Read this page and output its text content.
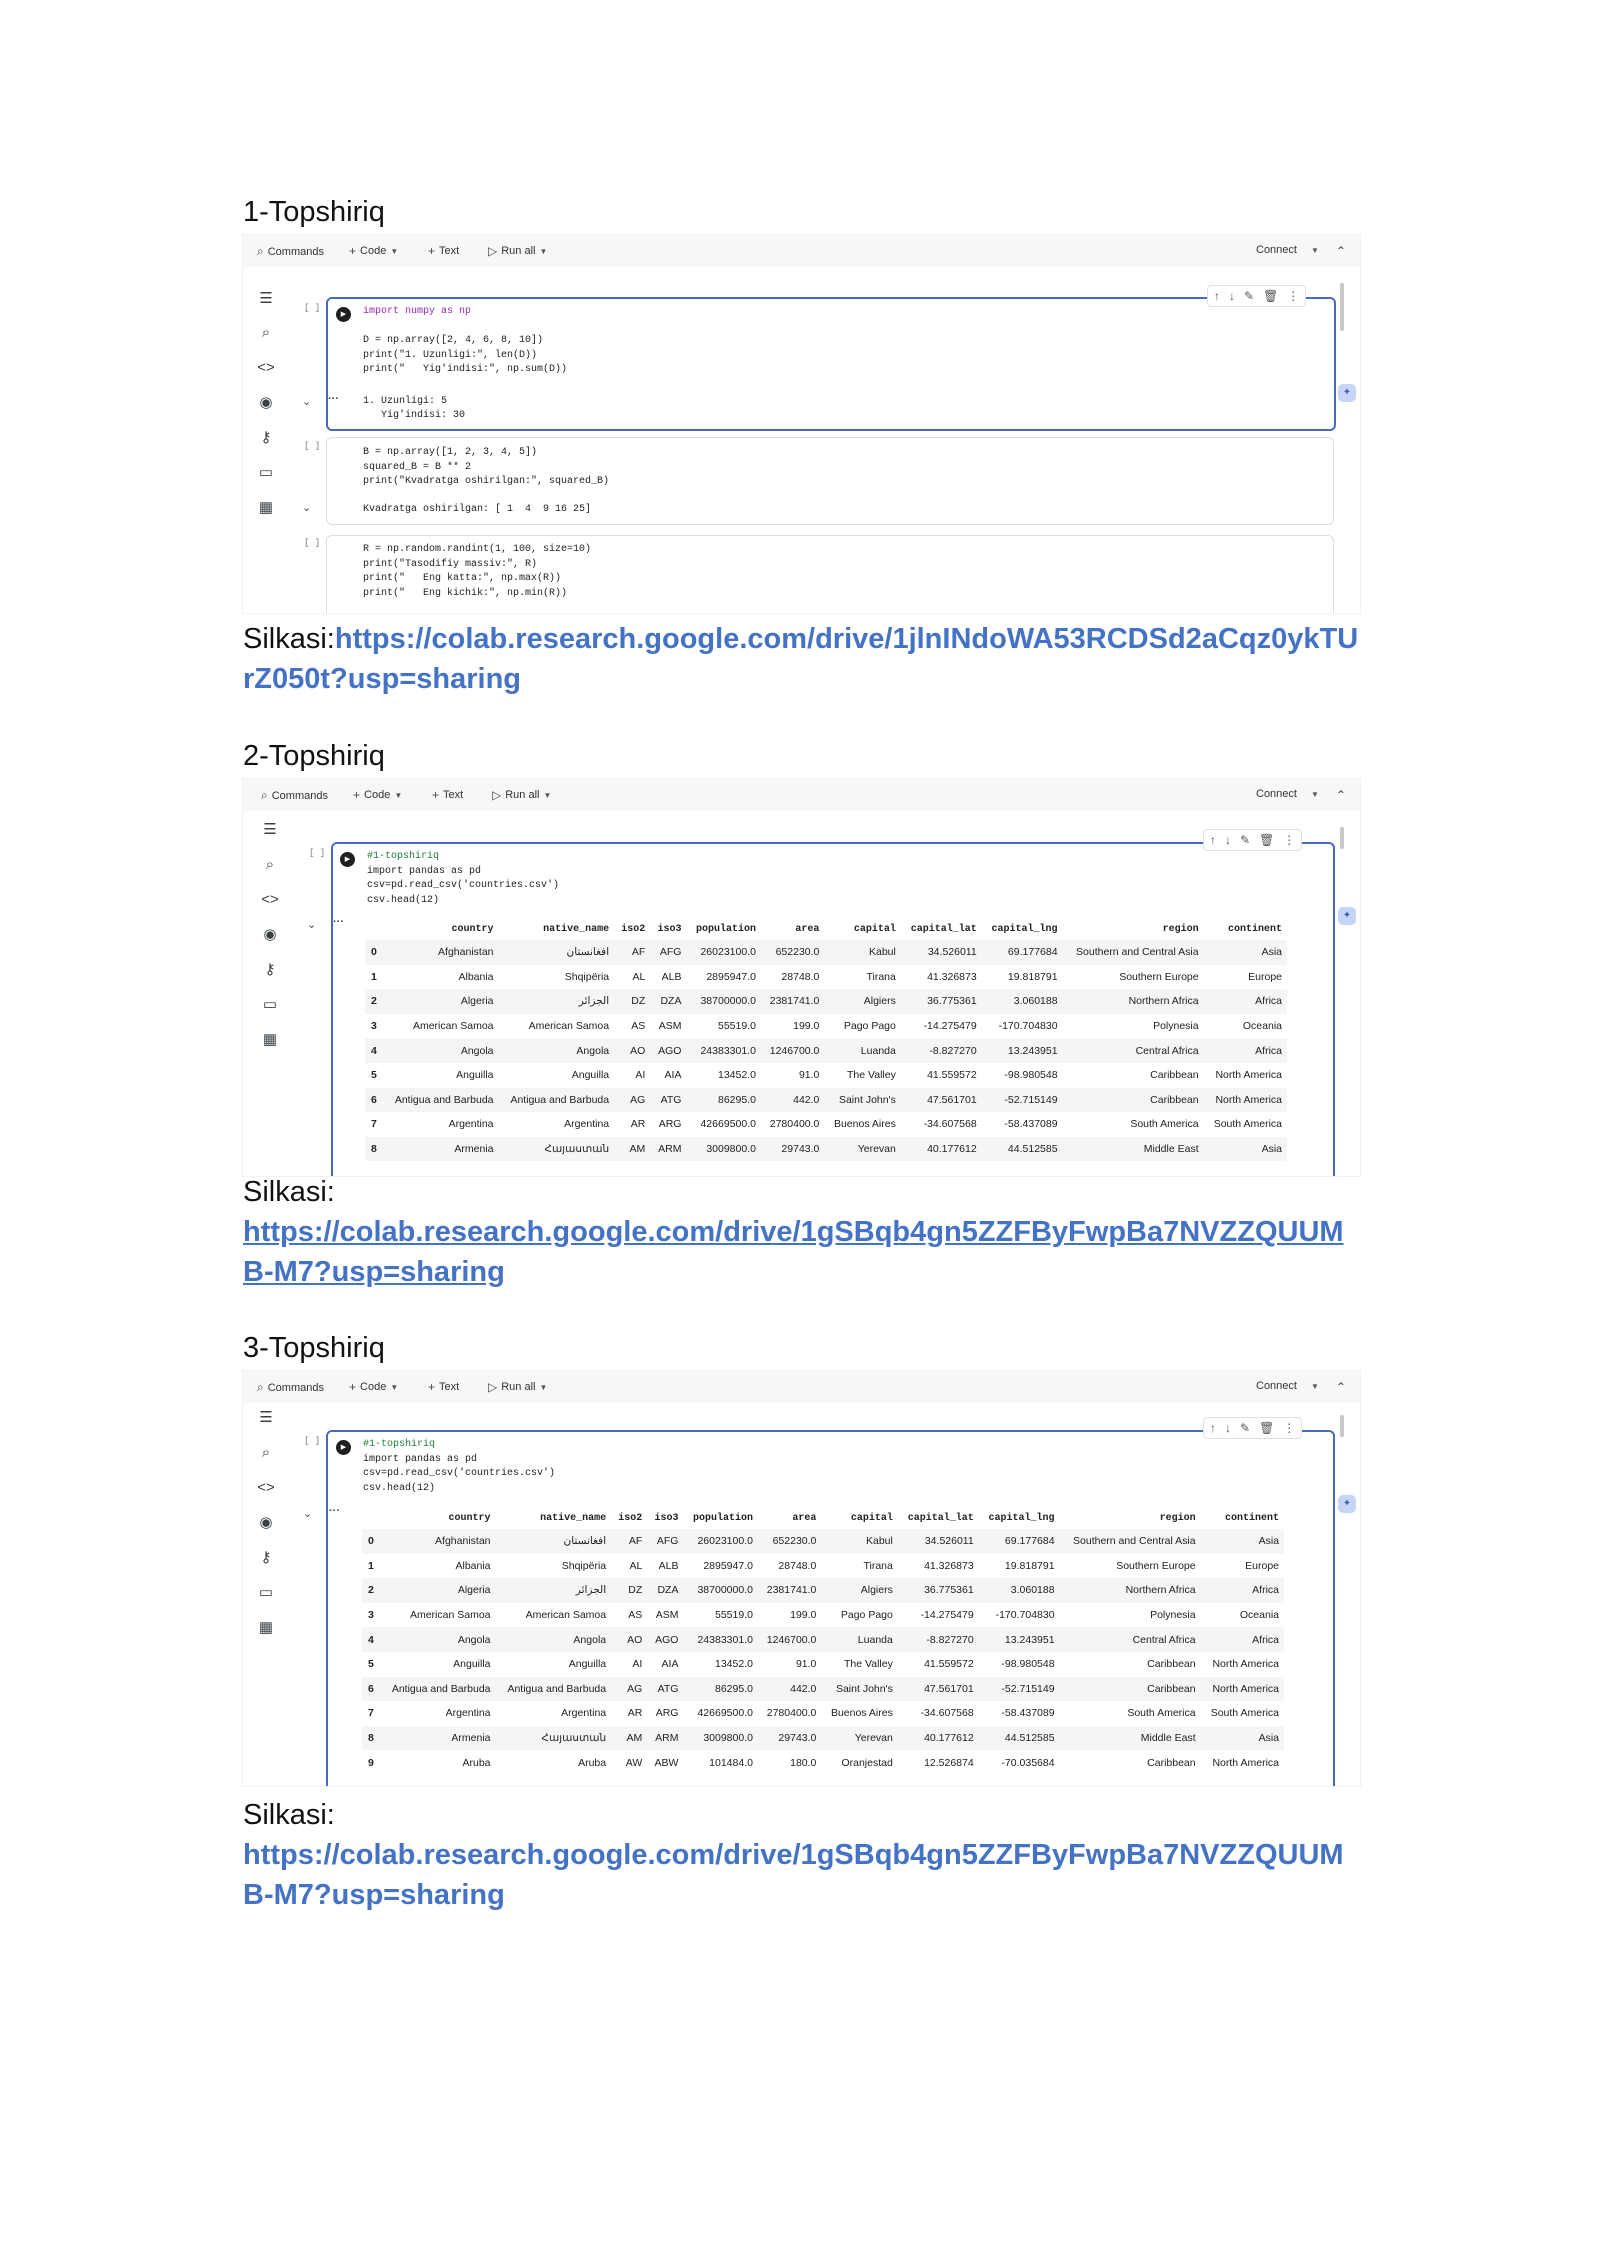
1-Topshiriq
⌕ Commands + Code ▼ + Text ▷ Run all ▼	Connect ▼ ⌃
☰
⌕
<>
◉
⚷
▭
▦
[ ]
▶	import numpy as np

D = np.array([2, 4, 6, 8, 10])
print("1. Uzunligi:", len(D))
print("   Yig'indisi:", np.sum(D))
⌄ ··· 1. Uzunligi: 5
Yig'indisi: 30
↑ ↓ ✎ 🗑 ⋮
✦
[ ]
B = np.array([1, 2, 3, 4, 5])
squared_B = B ** 2
print("Kvadratga oshirilgan:", squared_B)
⌄	Kvadratga oshirilgan: [ 1  4  9 16 25]
[ ]
R = np.random.randint(1, 100, size=10)
print("Tasodifiy massiv:", R)
print("   Eng katta:", np.max(R))
print("   Eng kichik:", np.min(R))
Silkasi:https://colab.research.google.com/drive/1jlnINdoWA53RCDSd2aCqz0ykTUrZ050t?usp=sharing
2-Topshiriq
⌕ Commands + Code ▼ + Text ▷ Run all ▼	Connect ▼ ⌃
☰
⌕
<>
◉
⚷
▭
▦
[ ]
▶	#1-topshiriq
import pandas as pd
csv=pd.read_csv('countries.csv')
csv.head(12)
⌄ ···
↑ ↓ ✎ 🗑 ⋮
✦
	country	native_name	iso2	iso3	population	area	capital	capital_lat	capital_lng	region	continent
0	Afghanistan	افغانستان	AF	AFG	26023100.0	652230.0	Kabul	34.526011	69.177684	Southern and Central Asia	Asia
1	Albania	Shqipëria	AL	ALB	2895947.0	28748.0	Tirana	41.326873	19.818791	Southern Europe	Europe
2	Algeria	الجزائر	DZ	DZA	38700000.0	2381741.0	Algiers	36.775361	3.060188	Northern Africa	Africa
3	American Samoa	American Samoa	AS	ASM	55519.0	199.0	Pago Pago	-14.275479	-170.704830	Polynesia	Oceania
4	Angola	Angola	AO	AGO	24383301.0	1246700.0	Luanda	-8.827270	13.243951	Central Africa	Africa
5	Anguilla	Anguilla	AI	AIA	13452.0	91.0	The Valley	41.559572	-98.980548	Caribbean	North America
6	Antigua and Barbuda	Antigua and Barbuda	AG	ATG	86295.0	442.0	Saint John's	47.561701	-52.715149	Caribbean	North America
7	Argentina	Argentina	AR	ARG	42669500.0	2780400.0	Buenos Aires	-34.607568	-58.437089	South America	South America
8	Armenia	Հայաստան	AM	ARM	3009800.0	29743.0	Yerevan	40.177612	44.512585	Middle East	Asia
Silkasi:
https://colab.research.google.com/drive/1gSBqb4gn5ZZFByFwpBa7NVZZQUUMB-M7?usp=sharing
3-Topshiriq
⌕ Commands + Code ▼ + Text ▷ Run all ▼	Connect ▼ ⌃
☰
⌕
<>
◉
⚷
▭
▦
[ ]
▶	#1-topshiriq
import pandas as pd
csv=pd.read_csv('countries.csv')
csv.head(12)
⌄ ···
↑ ↓ ✎ 🗑 ⋮
✦
	country	native_name	iso2	iso3	population	area	capital	capital_lat	capital_lng	region	continent
0	Afghanistan	افغانستان	AF	AFG	26023100.0	652230.0	Kabul	34.526011	69.177684	Southern and Central Asia	Asia
1	Albania	Shqipëria	AL	ALB	2895947.0	28748.0	Tirana	41.326873	19.818791	Southern Europe	Europe
2	Algeria	الجزائر	DZ	DZA	38700000.0	2381741.0	Algiers	36.775361	3.060188	Northern Africa	Africa
3	American Samoa	American Samoa	AS	ASM	55519.0	199.0	Pago Pago	-14.275479	-170.704830	Polynesia	Oceania
4	Angola	Angola	AO	AGO	24383301.0	1246700.0	Luanda	-8.827270	13.243951	Central Africa	Africa
5	Anguilla	Anguilla	AI	AIA	13452.0	91.0	The Valley	41.559572	-98.980548	Caribbean	North America
6	Antigua and Barbuda	Antigua and Barbuda	AG	ATG	86295.0	442.0	Saint John's	47.561701	-52.715149	Caribbean	North America
7	Argentina	Argentina	AR	ARG	42669500.0	2780400.0	Buenos Aires	-34.607568	-58.437089	South America	South America
8	Armenia	Հայաստան	AM	ARM	3009800.0	29743.0	Yerevan	40.177612	44.512585	Middle East	Asia
9	Aruba	Aruba	AW	ABW	101484.0	180.0	Oranjestad	12.526874	-70.035684	Caribbean	North America
Silkasi:
https://colab.research.google.com/drive/1gSBqb4gn5ZZFByFwpBa7NVZZQUUMB-M7?usp=sharing
